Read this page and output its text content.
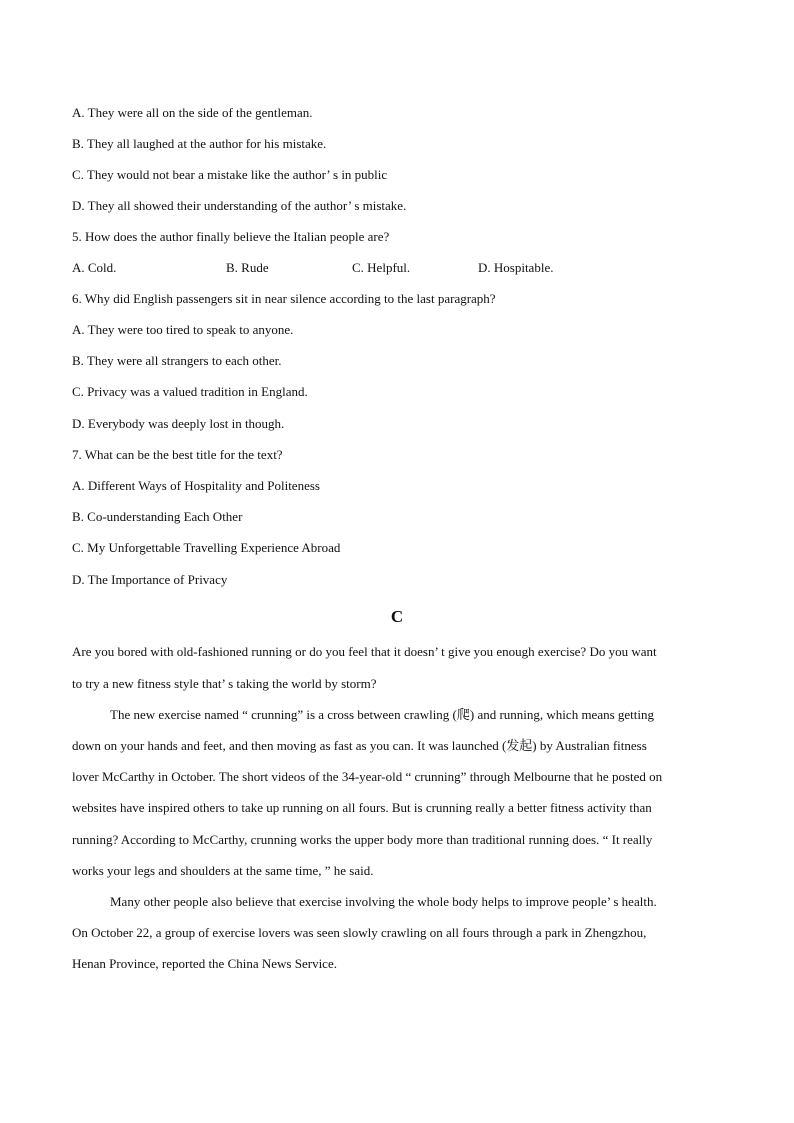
A. They were all on the side of the gentleman.
B. They all laughed at the author for his mistake.
C. They would not bear a mistake like the author’ s in public
D. They all showed their understanding of the author’ s mistake.
5. How does the author finally believe the Italian people are?
A. Cold.	B. Rude	C. Helpful.	D. Hospitable.
6. Why did English passengers sit in near silence according to the last paragraph?
A. They were too tired to speak to anyone.
B. They were all strangers to each other.
C. Privacy was a valued tradition in England.
D. Everybody was deeply lost in though.
7. What can be the best title for the text?
A. Different Ways of Hospitality and Politeness
B. Co-understanding Each Other
C. My Unforgettable Travelling Experience Abroad
D. The Importance of Privacy
C
Are you bored with old-fashioned running or do you feel that it doesn’ t give you enough exercise? Do you want
to try a new fitness style that’ s taking the world by storm?
The new exercise named “ crunning” is a cross between crawling (爬) and running, which means getting
down on your hands and feet, and then moving as fast as you can. It was launched (发起) by Australian fitness
lover McCarthy in October. The short videos of the 34-year-old “ crunning” through Melbourne that he posted on
websites have inspired others to take up running on all fours. But is crunning really a better fitness activity than
running? According to McCarthy, crunning works the upper body more than traditional running does. “ It really
works your legs and shoulders at the same time, ” he said.
Many other people also believe that exercise involving the whole body helps to improve people’ s health.
On October 22, a group of exercise lovers was seen slowly crawling on all fours through a park in Zhengzhou,
Henan Province, reported the China News Service.
